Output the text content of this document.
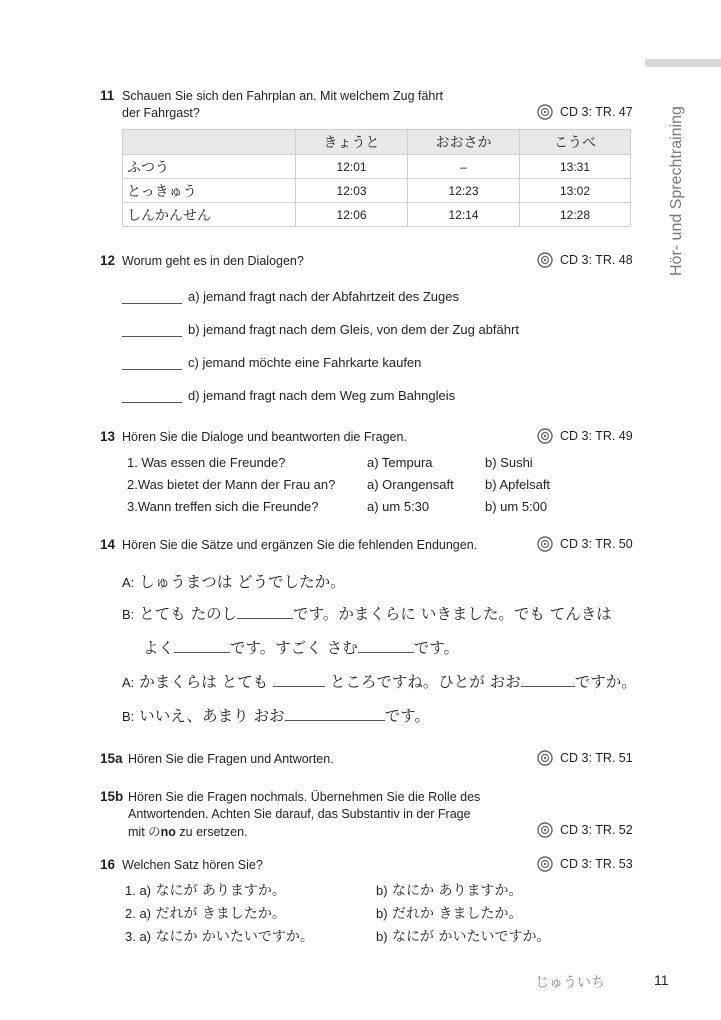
Hör- und Sprechtraining
11 Schauen Sie sich den Fahrplan an. Mit welchem Zug fährt
der Fahrgast?	CD 3: TR. 47
	きょうと	おおさか	こうべ
ふつう	12:01	–	13:31
とっきゅう	12:03	12:23	13:02
しんかんせん	12:06	12:14	12:28
12 Worum geht es in den Dialogen?	CD 3: TR. 48
a) jemand fragt nach der Abfahrtzeit des Zuges
b) jemand fragt nach dem Gleis, von dem der Zug abfährt
c) jemand möchte eine Fahrkarte kaufen
d) jemand fragt nach dem Weg zum Bahngleis
13 Hören Sie die Dialoge und beantworten die Fragen.	CD 3: TR. 49
1. Was essen die Freunde?	a) Tempura	b) Sushi
2.Was bietet der Mann der Frau an? a) Orangensaft b) Apfelsaft
3.Wann treffen sich die Freunde?	a) um 5:30	b) um 5:00
14 Hören Sie die Sätze und ergänzen Sie die fehlenden Endungen.	CD 3: TR. 50
A: しゅうまつは どうでしたか。
B: とても たのし	です。かまくらに いきました。でも てんきは
よく	です。すごく さむ	です。
A: かまくらは とても	ところですね。ひとが おお	ですか。
B: いいえ、あまり おお	です。
15a Hören Sie die Fragen und Antworten.	CD 3: TR. 51
15b Hören Sie die Fragen nochmals. Übernehmen Sie die Rolle des
Antwortenden. Achten Sie darauf, das Substantiv in der Frage
mit のno zu ersetzen.	CD 3: TR. 52
16 Welchen Satz hören Sie?	CD 3: TR. 53
1. a) なにが ありますか。	b) なにか ありますか。
2. a) だれが きましたか。	b) だれか きましたか。
3. a) なにか かいたいですか。	b) なにが かいたいですか。
じゅういち	11
